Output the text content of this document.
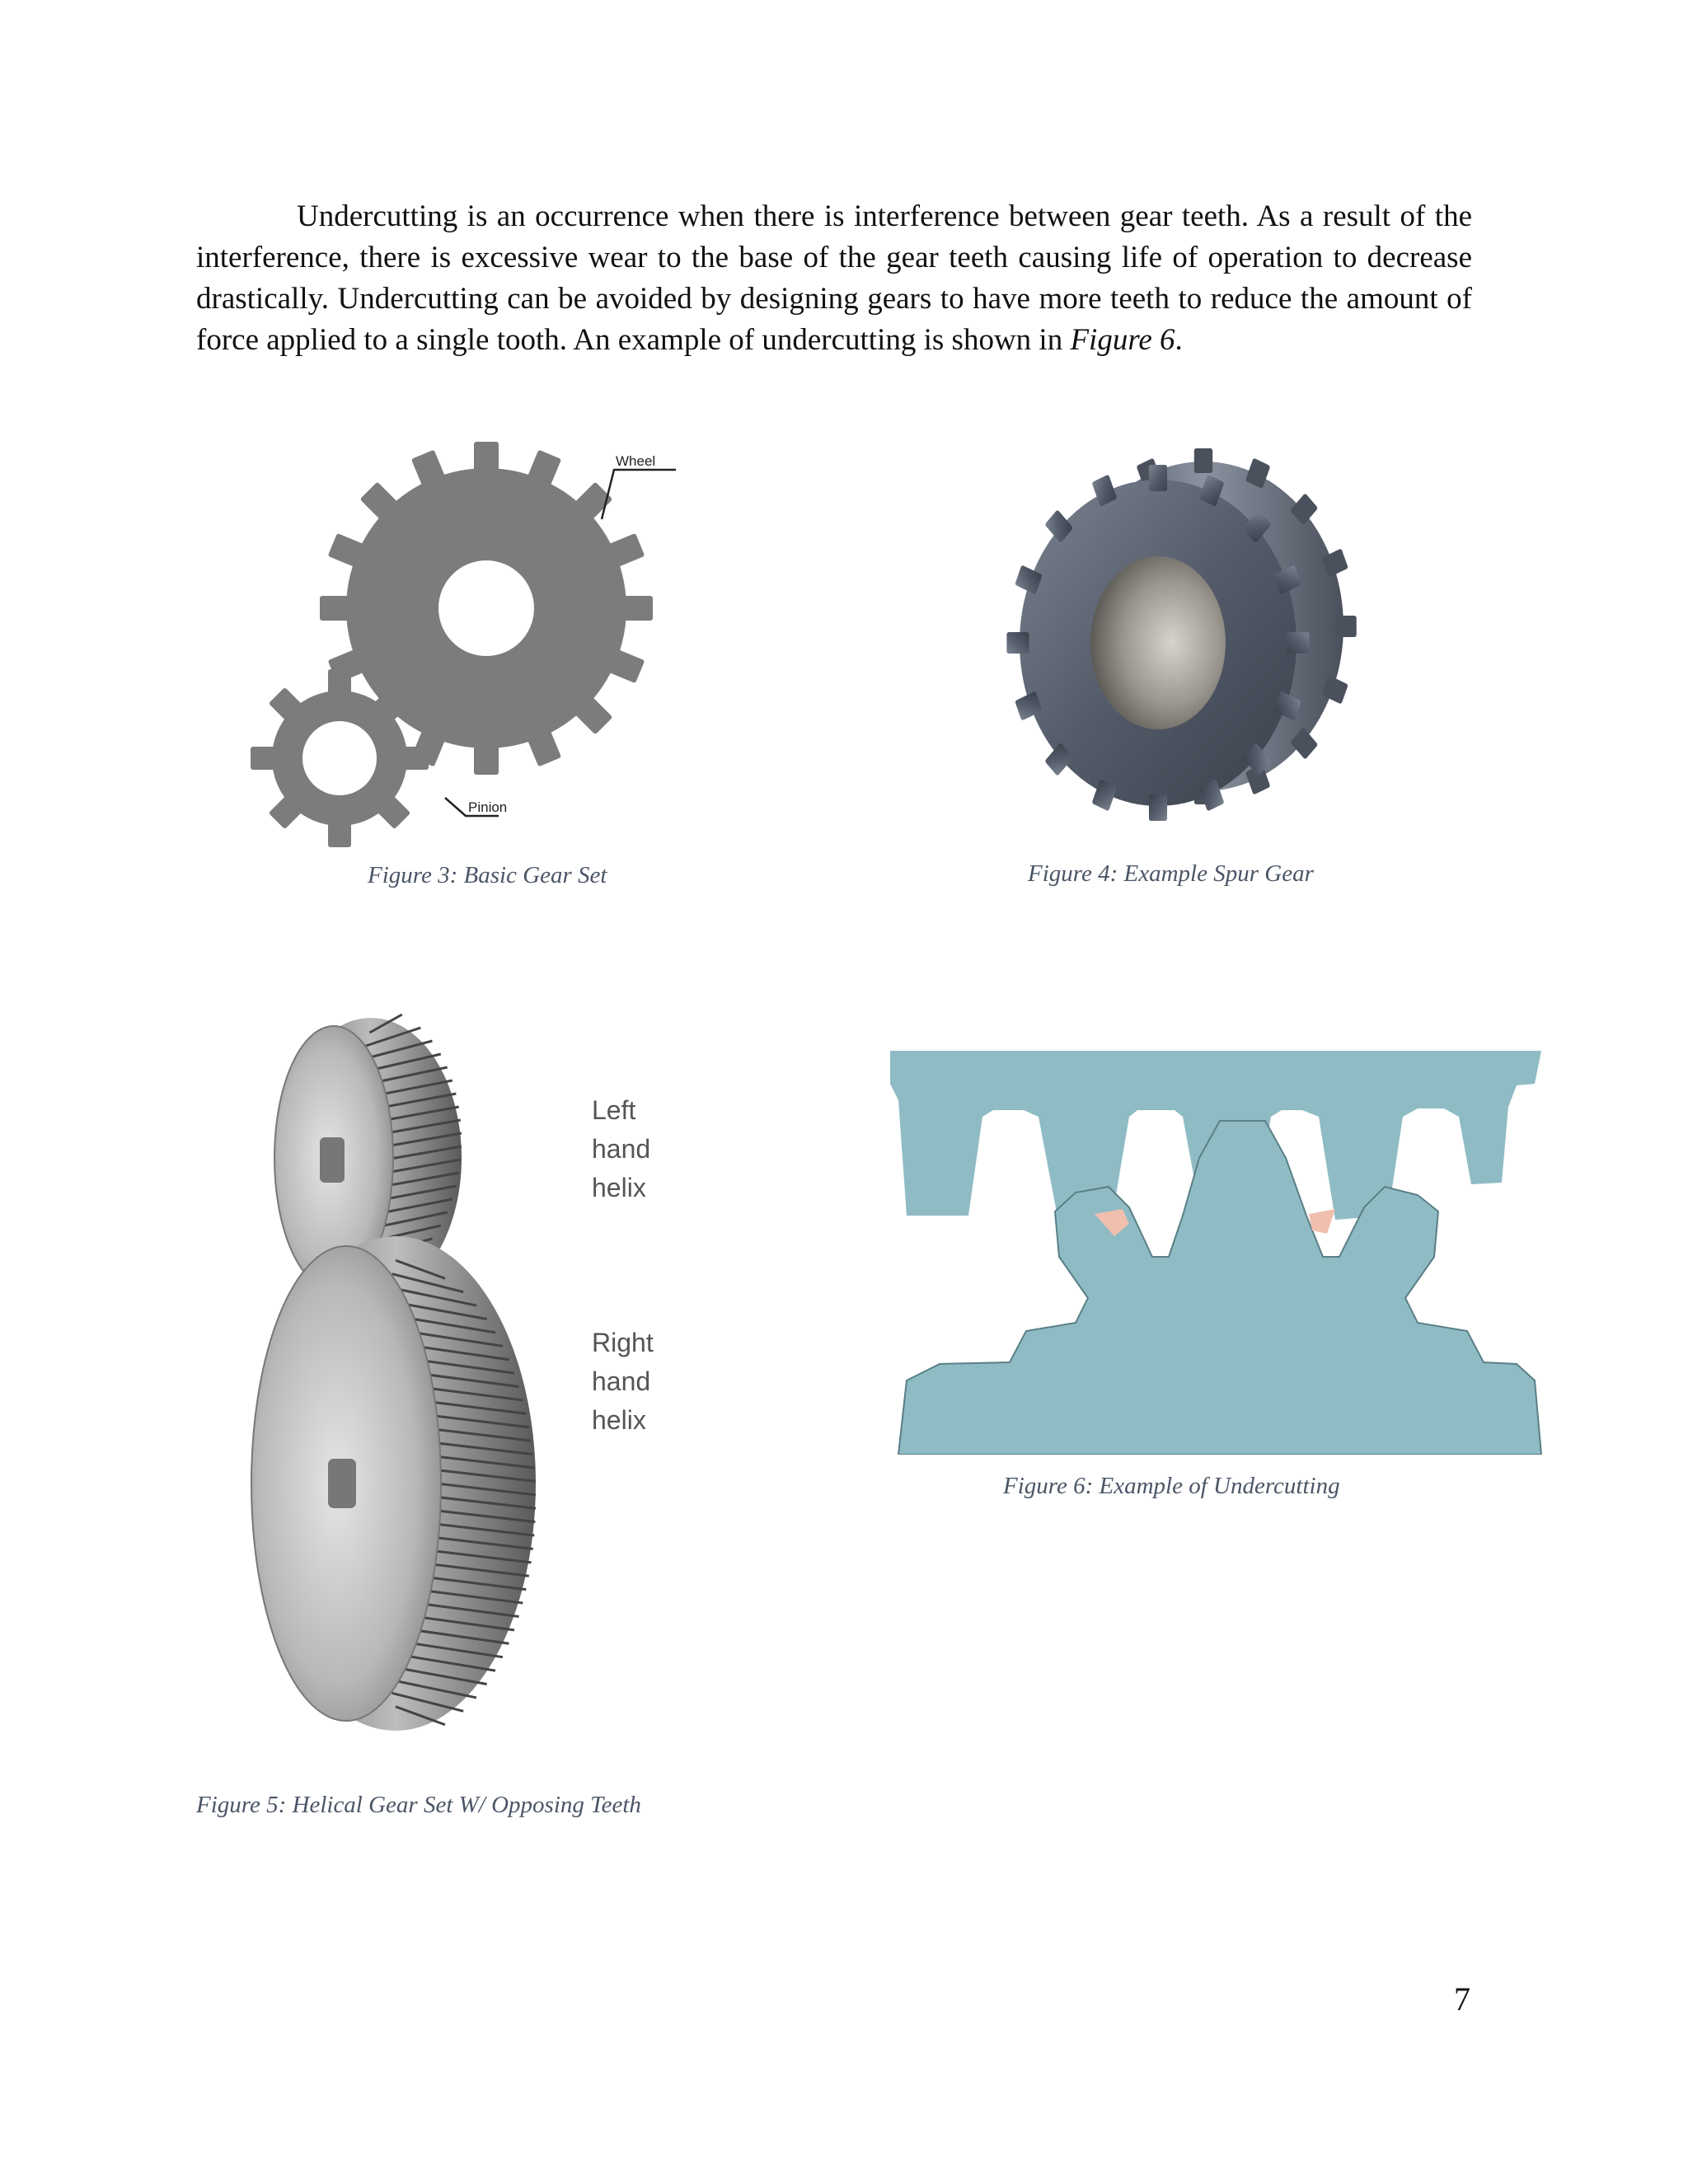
Undercutting is an occurrence when there is interference between gear teeth. As a result of the interference, there is excessive wear to the base of the gear teeth causing life of operation to decrease drastically. Undercutting can be avoided by designing gears to have more teeth to reduce the amount of force applied to a single tooth. An example of undercutting is shown in Figure 6.

Wheel
Pinion
Figure 3: Basic Gear Set	Figure 4: Example Spur Gear
Left
hand
helix
Right
hand
helix
Figure 5: Helical Gear Set W/ Opposing Teeth
Figure 6: Example of Undercutting
7
